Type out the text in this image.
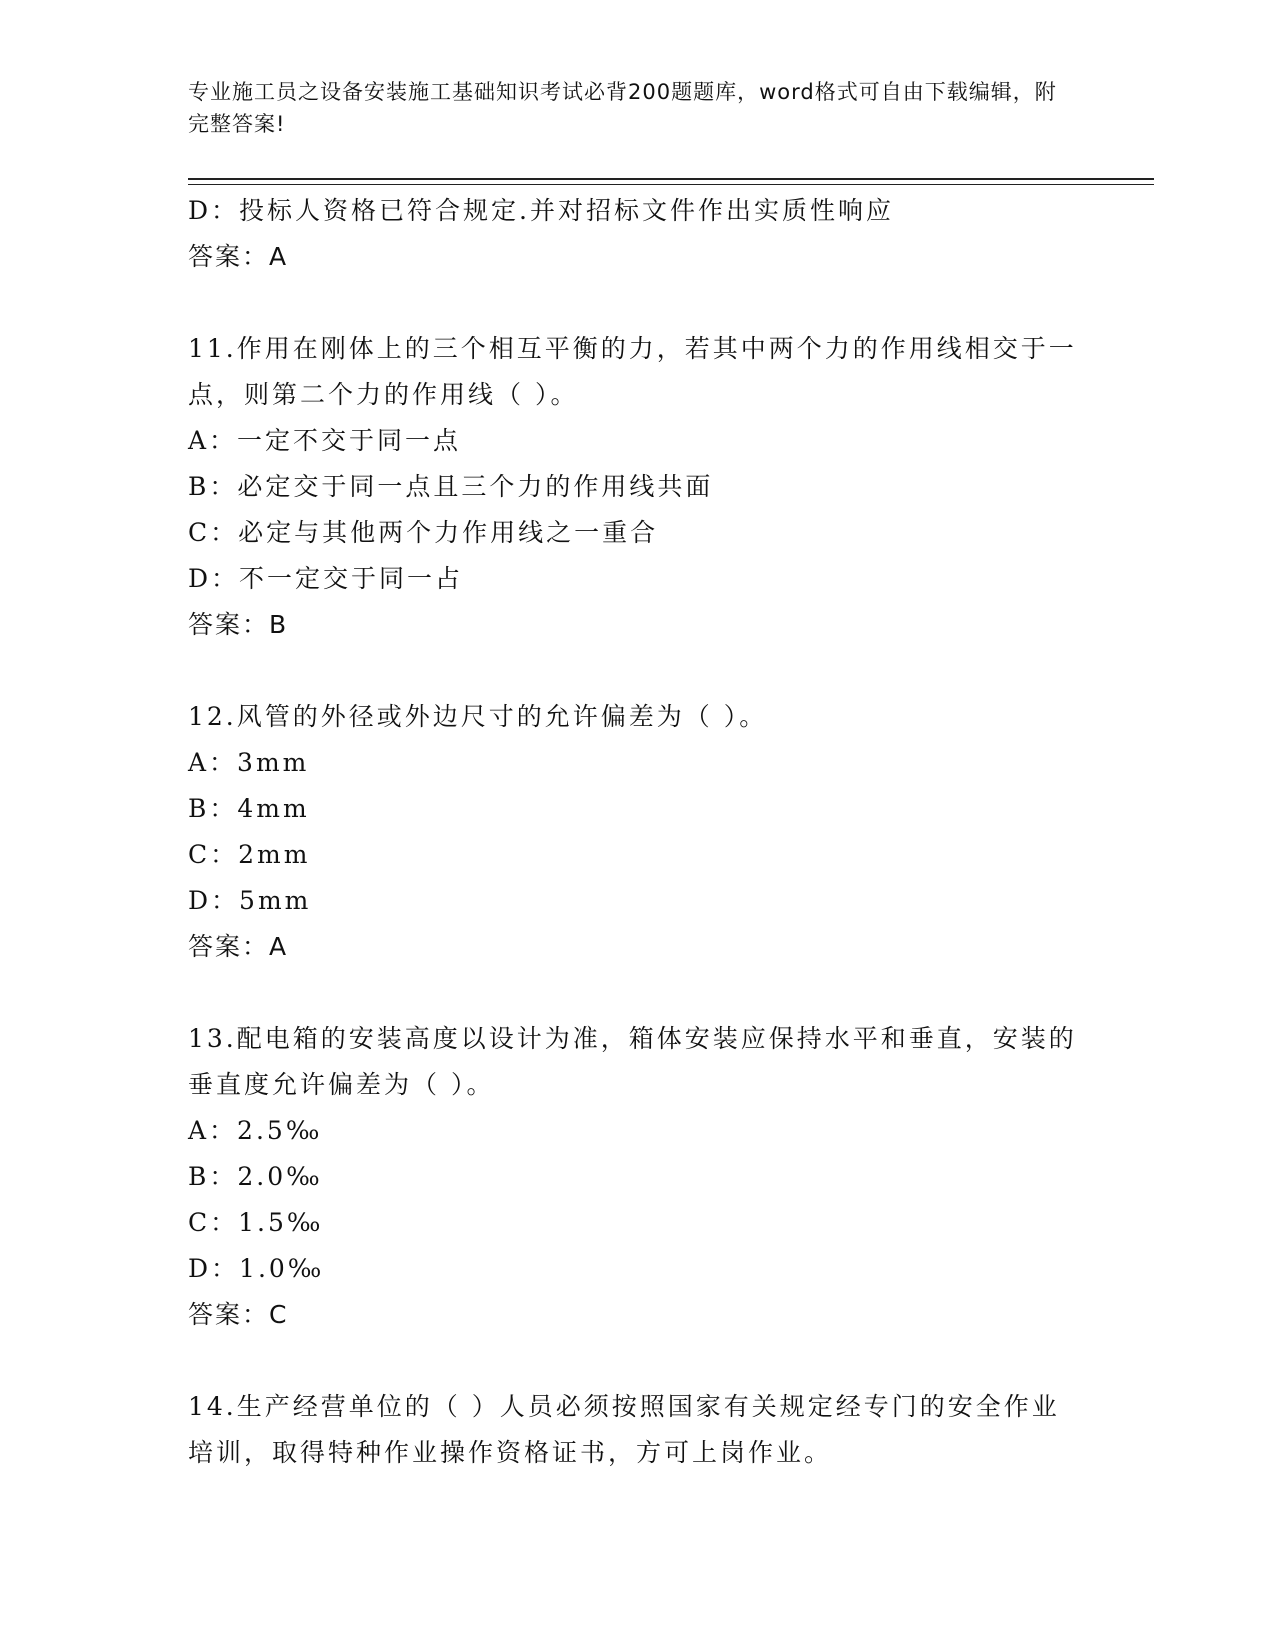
专业施工员之设备安装施工基础知识考试必背200题题库，word格式可自由下载编辑，附完整答案!
D：投标人资格已符合规定.并对招标文件作出实质性响应
答案：A
11.作用在刚体上的三个相互平衡的力，若其中两个力的作用线相交于一点，则第二个力的作用线（ ）。
A：一定不交于同一点
B：必定交于同一点且三个力的作用线共面
C：必定与其他两个力作用线之一重合
D：不一定交于同一占
答案：B
12.风管的外径或外边尺寸的允许偏差为（ ）。
A：3mm
B：4mm
C：2mm
D：5mm
答案：A
13.配电箱的安装高度以设计为准，箱体安装应保持水平和垂直，安装的垂直度允许偏差为（ ）。
A：2.5‰
B：2.0‰
C：1.5‰
D：1.0‰
答案：C
14.生产经营单位的（ ）人员必须按照国家有关规定经专门的安全作业培训，取得特种作业操作资格证书，方可上岗作业。
